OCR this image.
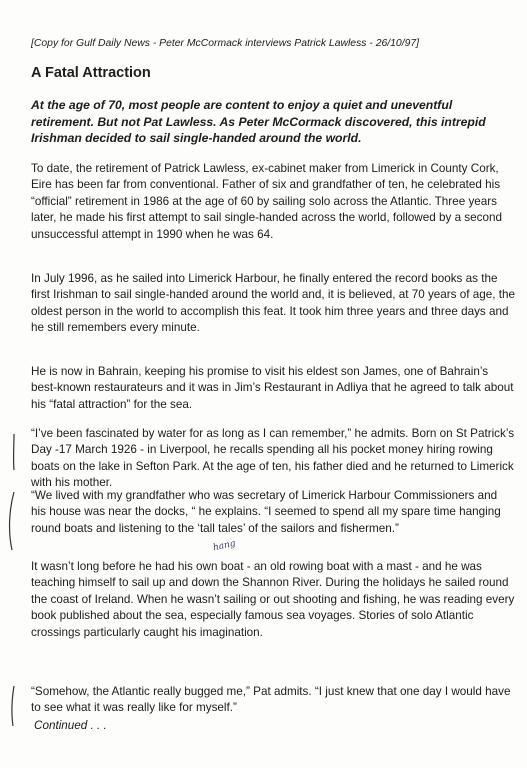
[Copy for Gulf Daily News - Peter McCormack interviews Patrick Lawless - 26/10/97]
A Fatal Attraction
At the age of 70, most people are content to enjoy a quiet and uneventful retirement. But not Pat Lawless. As Peter McCormack discovered, this intrepid Irishman decided to sail single-handed around the world.
To date, the retirement of Patrick Lawless, ex-cabinet maker from Limerick in County Cork, Eire has been far from conventional. Father of six and grandfather of ten, he celebrated his “official” retirement in 1986 at the age of 60 by sailing solo across the Atlantic. Three years later, he made his first attempt to sail single-handed across the world, followed by a second unsuccessful attempt in 1990 when he was 64.
In July 1996, as he sailed into Limerick Harbour, he finally entered the record books as the first Irishman to sail single-handed around the world and, it is believed, at 70 years of age, the oldest person in the world to accomplish this feat. It took him three years and three days and he still remembers every minute.
He is now in Bahrain, keeping his promise to visit his eldest son James, one of Bahrain’s best-known restaurateurs and it was in Jim’s Restaurant in Adliya that he agreed to talk about his “fatal attraction” for the sea.
“I’ve been fascinated by water for as long as I can remember,” he admits. Born on St Patrick’s Day -17 March 1926 - in Liverpool, he recalls spending all his pocket money hiring rowing boats on the lake in Sefton Park. At the age of ten, his father died and he returned to Limerick with his mother.
“We lived with my grandfather who was secretary of Limerick Harbour Commissioners and his house was near the docks, “ he explains. “I seemed to spend all my spare time hanging round boats and listening to the ‘tall tales’ of the sailors and fishermen.”
It wasn’t long before he had his own boat - an old rowing boat with a mast - and he was teaching himself to sail up and down the Shannon River. During the holidays he sailed round the coast of Ireland. When he wasn’t sailing or out shooting and fishing, he was reading every book published about the sea, especially famous sea voyages. Stories of solo Atlantic crossings particularly caught his imagination.
“Somehow, the Atlantic really bugged me,” Pat admits. “I just knew that one day I would have to see what it was really like for myself.”
Continued . . .
hang
